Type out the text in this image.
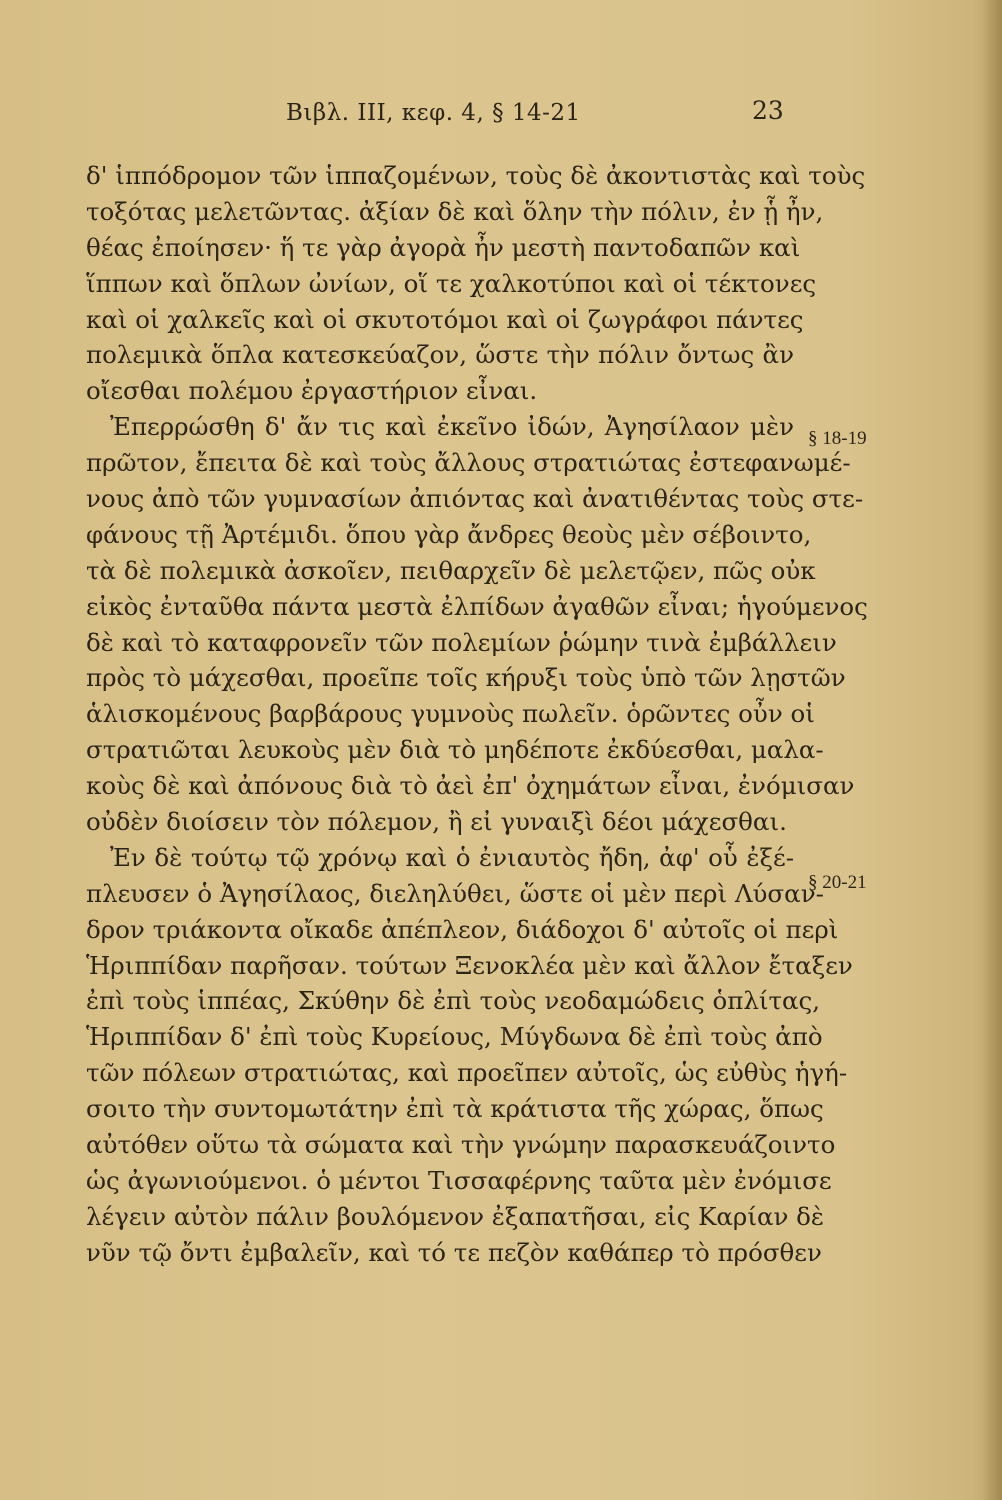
Βιβλ. ΙΙΙ, κεφ. 4, § 14-21	23
§ 18-19
§ 20-21
δ' ἱππόδρομον τῶν ἱππαζομένων, τοὺς δὲ ἀκοντιστὰς καὶ τοὺς
τοξότας μελετῶντας. ἀξίαν δὲ καὶ ὅλην τὴν πόλιν, ἐν ᾗ ἦν,
θέας ἐποίησεν· ἥ τε γὰρ ἀγορὰ ἦν μεστὴ παντοδαπῶν καὶ
ἵππων καὶ ὅπλων ὠνίων, οἵ τε χαλκοτύποι καὶ οἱ τέκτονες
καὶ οἱ χαλκεῖς καὶ οἱ σκυτοτόμοι καὶ οἱ ζωγράφοι πάντες
πολεμικὰ ὅπλα κατεσκεύαζον, ὥστε τὴν πόλιν ὄντως ἂν
οἴεσθαι πολέμου ἐργαστήριον εἶναι.
Ἐπερρώσθη δ' ἄν τις καὶ ἐκεῖνο ἰδών, Ἀγησίλαον μὲν
πρῶτον, ἔπειτα δὲ καὶ τοὺς ἄλλους στρατιώτας ἐστεφανωμέ-
νους ἀπὸ τῶν γυμνασίων ἀπιόντας καὶ ἀνατιθέντας τοὺς στε-
φάνους τῇ Ἀρτέμιδι. ὅπου γὰρ ἄνδρες θεοὺς μὲν σέβοιντο,
τὰ δὲ πολεμικὰ ἀσκοῖεν, πειθαρχεῖν δὲ μελετῷεν, πῶς οὐκ
εἰκὸς ἐνταῦθα πάντα μεστὰ ἐλπίδων ἀγαθῶν εἶναι; ἡγούμενος
δὲ καὶ τὸ καταφρονεῖν τῶν πολεμίων ῥώμην τινὰ ἐμβάλλειν
πρὸς τὸ μάχεσθαι, προεῖπε τοῖς κήρυξι τοὺς ὑπὸ τῶν λῃστῶν
ἁλισκομένους βαρβάρους γυμνοὺς πωλεῖν. ὁρῶντες οὖν οἱ
στρατιῶται λευκοὺς μὲν διὰ τὸ μηδέποτε ἐκδύεσθαι, μαλα-
κοὺς δὲ καὶ ἀπόνους διὰ τὸ ἀεὶ ἐπ' ὀχημάτων εἶναι, ἐνόμισαν
οὐδὲν διοίσειν τὸν πόλεμον, ἢ εἰ γυναιξὶ δέοι μάχεσθαι.
Ἐν δὲ τούτῳ τῷ χρόνῳ καὶ ὁ ἐνιαυτὸς ἤδη, ἀφ' οὗ ἐξέ-
πλευσεν ὁ Ἀγησίλαος, διεληλύθει, ὥστε οἱ μὲν περὶ Λύσαν-
δρον τριάκοντα οἴκαδε ἀπέπλεον, διάδοχοι δ' αὐτοῖς οἱ περὶ
Ἡριππίδαν παρῆσαν. τούτων Ξενοκλέα μὲν καὶ ἄλλον ἔταξεν
ἐπὶ τοὺς ἱππέας, Σκύθην δὲ ἐπὶ τοὺς νεοδαμώδεις ὁπλίτας,
Ἡριππίδαν δ' ἐπὶ τοὺς Κυρείους, Μύγδωνα δὲ ἐπὶ τοὺς ἀπὸ
τῶν πόλεων στρατιώτας, καὶ προεῖπεν αὐτοῖς, ὡς εὐθὺς ἡγή-
σοιτο τὴν συντομωτάτην ἐπὶ τὰ κράτιστα τῆς χώρας, ὅπως
αὐτόθεν οὕτω τὰ σώματα καὶ τὴν γνώμην παρασκευάζοιντο
ὡς ἀγωνιούμενοι. ὁ μέντοι Τισσαφέρνης ταῦτα μὲν ἐνόμισε
λέγειν αὐτὸν πάλιν βουλόμενον ἐξαπατῆσαι, εἰς Καρίαν δὲ
νῦν τῷ ὄντι ἐμβαλεῖν, καὶ τό τε πεζὸν καθάπερ τὸ πρόσθεν
